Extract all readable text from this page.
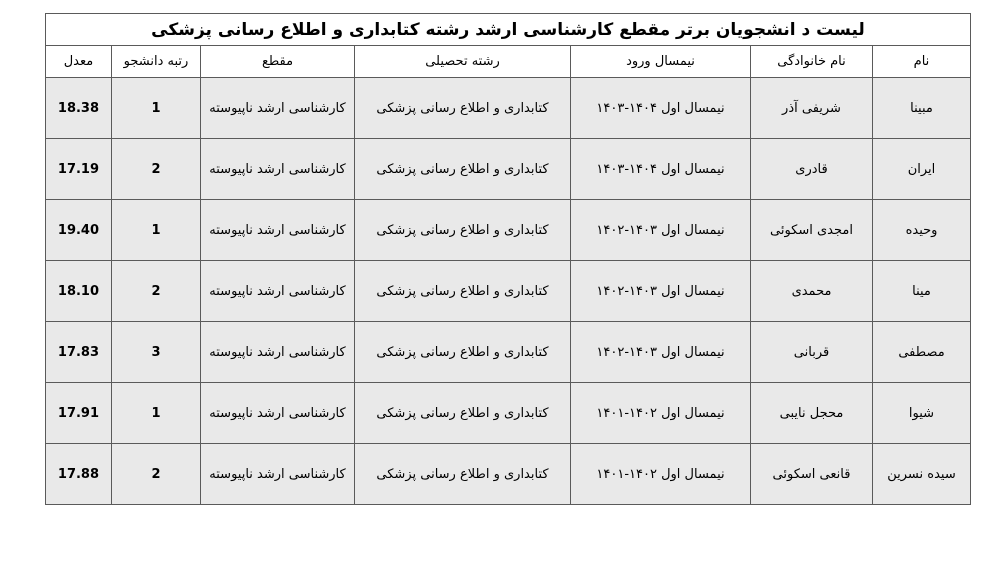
لیست د انشجویان برتر مقطع کارشناسی ارشد رشته کتابداری و اطلاع رسانی پزشکی						
نام	نام خانوادگی	نیمسال ورود	رشته تحصیلی	مقطع	رتبه دانشجو	معدل
مبینا	شریفی آذر	نیمسال اول ۱۴۰۴-۱۴۰۳	کتابداری و اطلاع رسانی پزشکی	کارشناسی ارشد ناپیوسته	1	18.38
ایران	قادری	نیمسال اول ۱۴۰۴-۱۴۰۳	کتابداری و اطلاع رسانی پزشکی	کارشناسی ارشد ناپیوسته	2	17.19
وحیده	امجدی اسکوئی	نیمسال اول ۱۴۰۳-۱۴۰۲	کتابداری و اطلاع رسانی پزشکی	کارشناسی ارشد ناپیوسته	1	19.40
مینا	محمدی	نیمسال اول ۱۴۰۳-۱۴۰۲	کتابداری و اطلاع رسانی پزشکی	کارشناسی ارشد ناپیوسته	2	18.10
مصطفی	قربانی	نیمسال اول ۱۴۰۳-۱۴۰۲	کتابداری و اطلاع رسانی پزشکی	کارشناسی ارشد ناپیوسته	3	17.83
شیوا	محجل نایبی	نیمسال اول ۱۴۰۲-۱۴۰۱	کتابداری و اطلاع رسانی پزشکی	کارشناسی ارشد ناپیوسته	1	17.91
سیده نسرین	قانعی اسکوئی	نیمسال اول ۱۴۰۲-۱۴۰۱	کتابداری و اطلاع رسانی پزشکی	کارشناسی ارشد ناپیوسته	2	17.88
